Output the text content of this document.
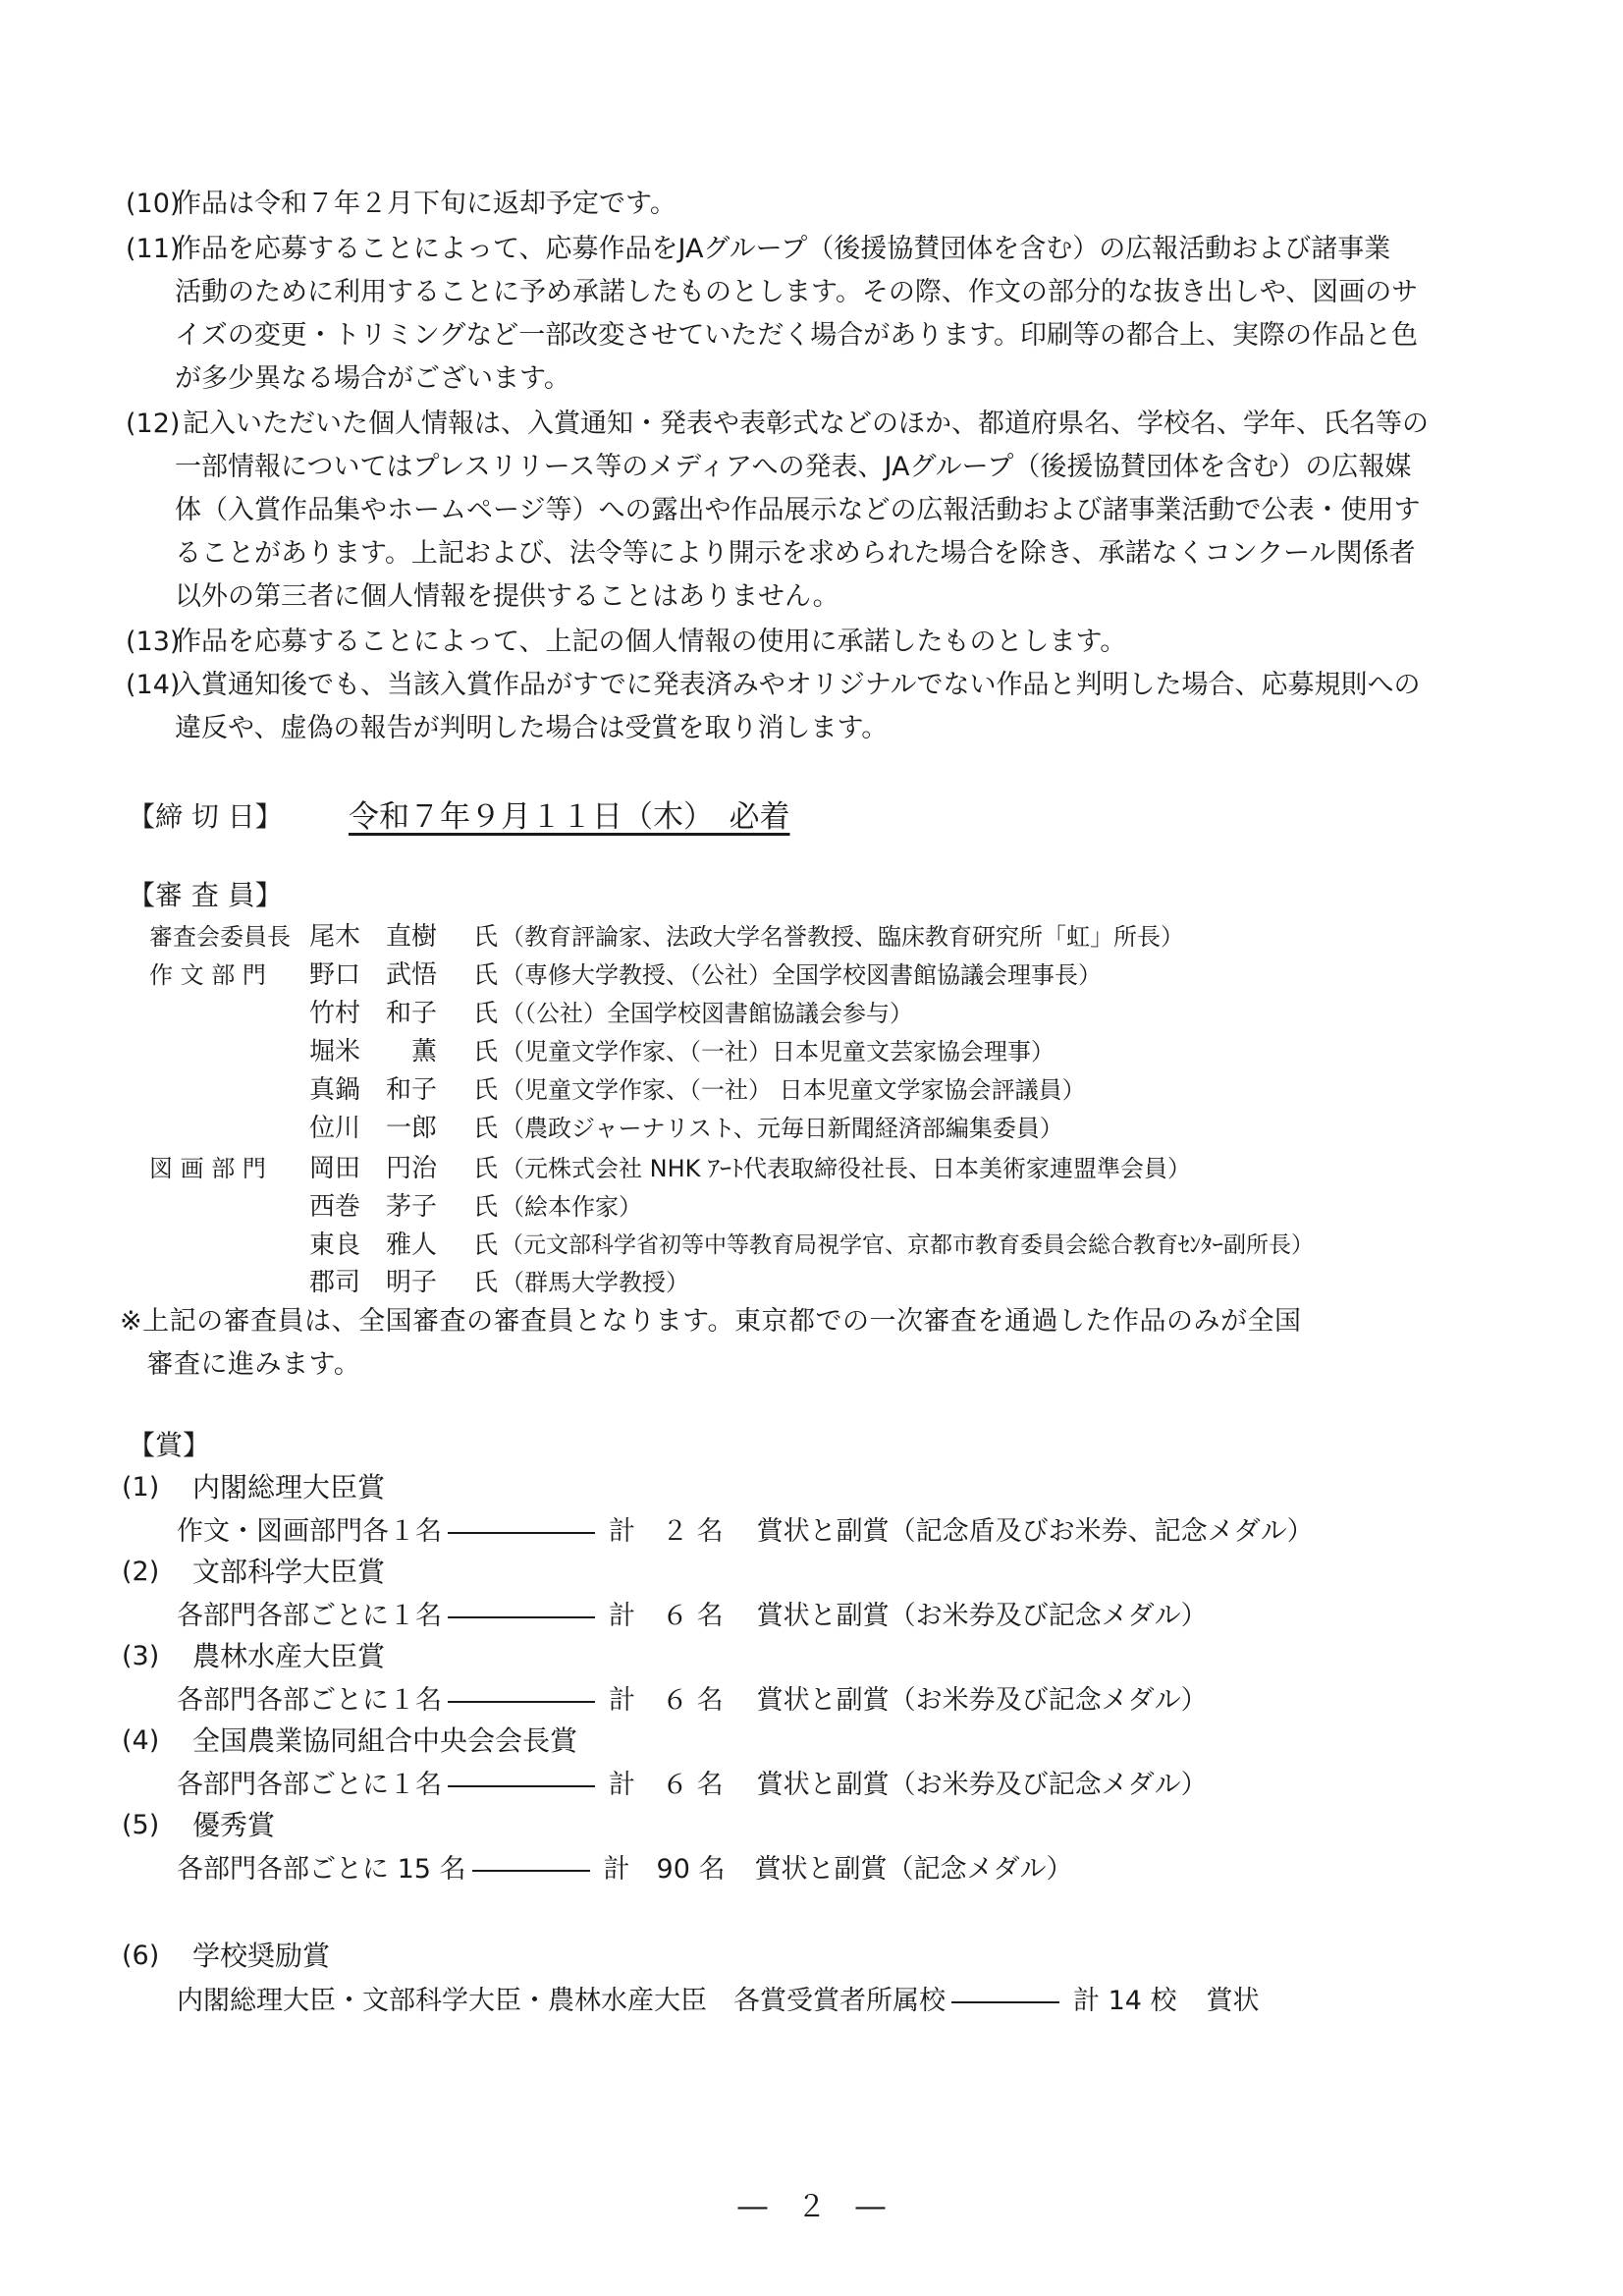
(10)
作品は令和７年２月下旬に返却予定です。
(11)
作品を応募することによって、応募作品をJAグループ（後援協賛団体を含む）の広報活動および諸事業
活動のために利用することに予め承諾したものとします。その際、作文の部分的な抜き出しや、図画のサ
イズの変更・トリミングなど一部改変させていただく場合があります。印刷等の都合上、実際の作品と色
が多少異なる場合がございます。
(12) 記入いただいた個人情報は、入賞通知・発表や表彰式などのほか、都道府県名、学校名、学年、氏名等の
一部情報についてはプレスリリース等のメディアへの発表、JAグループ（後援協賛団体を含む）の広報媒
体（入賞作品集やホームページ等）への露出や作品展示などの広報活動および諸事業活動で公表・使用す
ることがあります。上記および、法令等により開示を求められた場合を除き、承諾なくコンクール関係者
以外の第三者に個人情報を提供することはありません。
(13)
作品を応募することによって、上記の個人情報の使用に承諾したものとします。
(14)
入賞通知後でも、当該入賞作品がすでに発表済みやオリジナルでない作品と判明した場合、応募規則への
違反や、虚偽の報告が判明した場合は受賞を取り消します。
【締 切 日】 令和７年９月１１日（木）　必着
【審 査 員】
審査会委員長 尾木　直樹 氏 （教育評論家、法政大学名誉教授、臨床教育研究所「虹」所長）
作 文 部 門 野口　武悟 氏 （専修大学教授、（公社）全国学校図書館協議会理事長）
竹村　和子 氏 （（公社）全国学校図書館協議会参与）
堀米　　薫 氏 （児童文学作家、（一社）日本児童文芸家協会理事）
真鍋　和子 氏 （児童文学作家、（一社） 日本児童文学家協会評議員）
位川　一郎 氏 （農政ジャーナリスト、元毎日新聞経済部編集委員）
図 画 部 門 岡田　円治 氏 （元株式会社 NHK ｱｰﾄ代表取締役社長、日本美術家連盟準会員）
西巻　茅子 氏 （絵本作家）
東良　雅人 氏 （元文部科学省初等中等教育局視学官、京都市教育委員会総合教育ｾﾝﾀｰ副所長）
郡司　明子 氏 （群馬大学教授）
※上記の審査員は、全国審査の審査員となります。東京都での一次審査を通過した作品のみが全国
　審査に進みます。
【賞】
(1) 内閣総理大臣賞
作文・図画部門各１名	計　２ 名 賞状と副賞（記念盾及びお米券、記念メダル）
(2) 文部科学大臣賞
各部門各部ごとに１名	計　６ 名 賞状と副賞（お米券及び記念メダル）
(3) 農林水産大臣賞
各部門各部ごとに１名	計　６ 名 賞状と副賞（お米券及び記念メダル）
(4) 全国農業協同組合中央会会長賞
各部門各部ごとに１名	計　６ 名 賞状と副賞（お米券及び記念メダル）
(5) 優秀賞
各部門各部ごとに 15 名	計　90 名 賞状と副賞（記念メダル）
(6) 学校奨励賞
内閣総理大臣・文部科学大臣・農林水産大臣　各賞受賞者所属校	計 14 校 賞状
―　２　―
